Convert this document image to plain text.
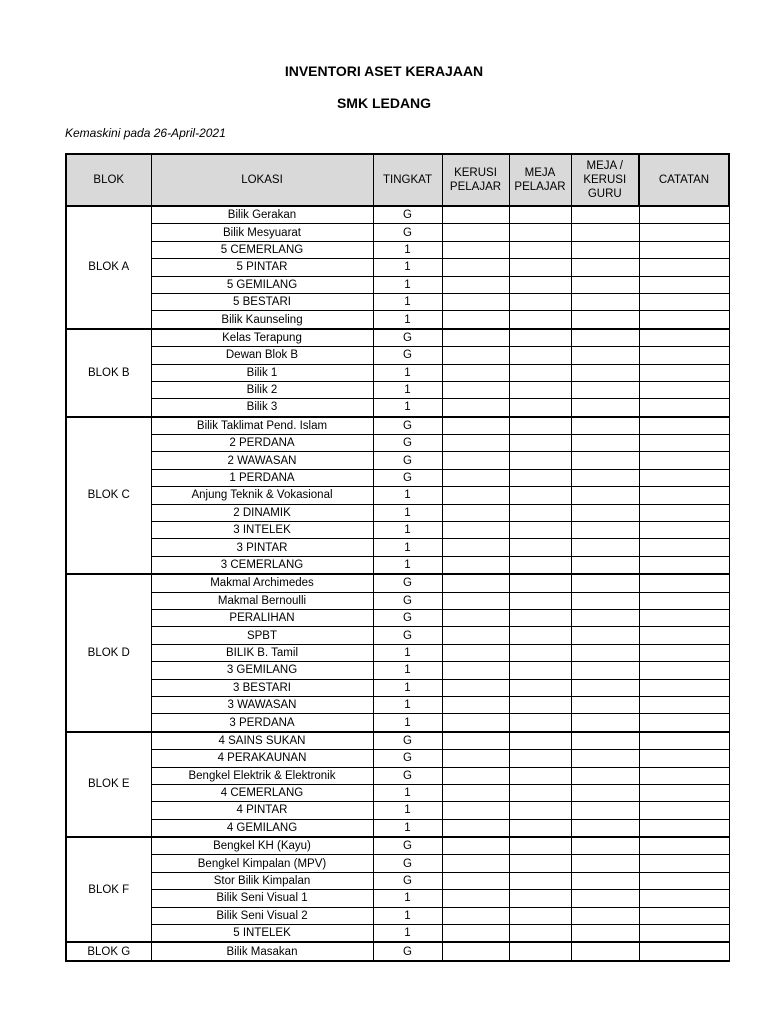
INVENTORI ASET KERAJAAN
SMK LEDANG
Kemaskini pada 26-April-2021
BLOK	LOKASI	TINGKAT	KERUSI PELAJAR	MEJA PELAJAR	MEJA / KERUSI GURU	CATATAN
BLOK A	Bilik Gerakan	G				
	Bilik Mesyuarat	G				
	5 CEMERLANG	1				
	5 PINTAR	1				
	5 GEMILANG	1				
	5 BESTARI	1				
	Bilik Kaunseling	1				
BLOK B	Kelas Terapung	G				
	Dewan Blok B	G				
	Bilik 1	1				
	Bilik 2	1				
	Bilik 3	1				
BLOK C	Bilik Taklimat Pend. Islam	G				
	2 PERDANA	G				
	2 WAWASAN	G				
	1 PERDANA	G				
	Anjung Teknik & Vokasional	1				
	2 DINAMIK	1				
	3 INTELEK	1				
	3 PINTAR	1				
	3 CEMERLANG	1				
BLOK D	Makmal Archimedes	G				
	Makmal Bernoulli	G				
	PERALIHAN	G				
	SPBT	G				
	BILIK B. Tamil	1				
	3 GEMILANG	1				
	3 BESTARI	1				
	3 WAWASAN	1				
	3 PERDANA	1				
BLOK E	4 SAINS SUKAN	G				
	4 PERAKAUNAN	G				
	Bengkel Elektrik & Elektronik	G				
	4 CEMERLANG	1				
	4 PINTAR	1				
	4 GEMILANG	1				
BLOK F	Bengkel KH (Kayu)	G				
	Bengkel Kimpalan (MPV)	G				
	Stor Bilik Kimpalan	G				
	Bilik Seni Visual 1	1				
	Bilik Seni Visual 2	1				
	5 INTELEK	1				
BLOK G	Bilik Masakan	G				
